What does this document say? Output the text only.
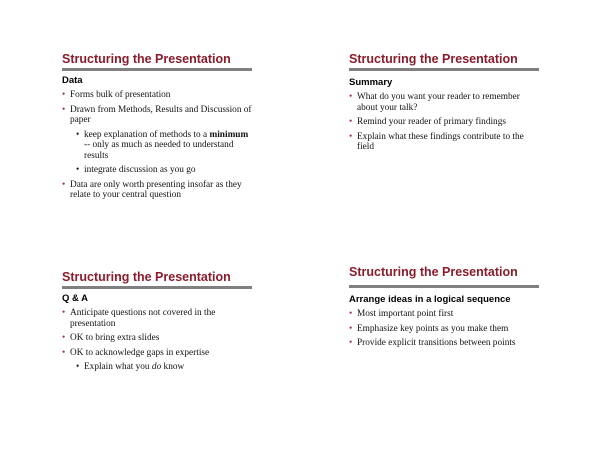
Structuring the Presentation
Data
• Forms bulk of presentation
• Drawn from Methods, Results and Discussion of paper
• keep explanation of methods to a minimum -- only as much as needed to understand results
• integrate discussion as you go
• Data are only worth presenting insofar as they relate to your central question
Structuring the Presentation
Summary
• What do you want your reader to remember about your talk?
• Remind your reader of primary findings
• Explain what these findings contribute to the field
Structuring the Presentation
Q & A
• Anticipate questions not covered in the presentation
• OK to bring extra slides
• OK to acknowledge gaps in expertise
• Explain what you do know
Structuring the Presentation
Arrange ideas in a logical sequence
• Most important point first
• Emphasize key points as you make them
• Provide explicit transitions between points
